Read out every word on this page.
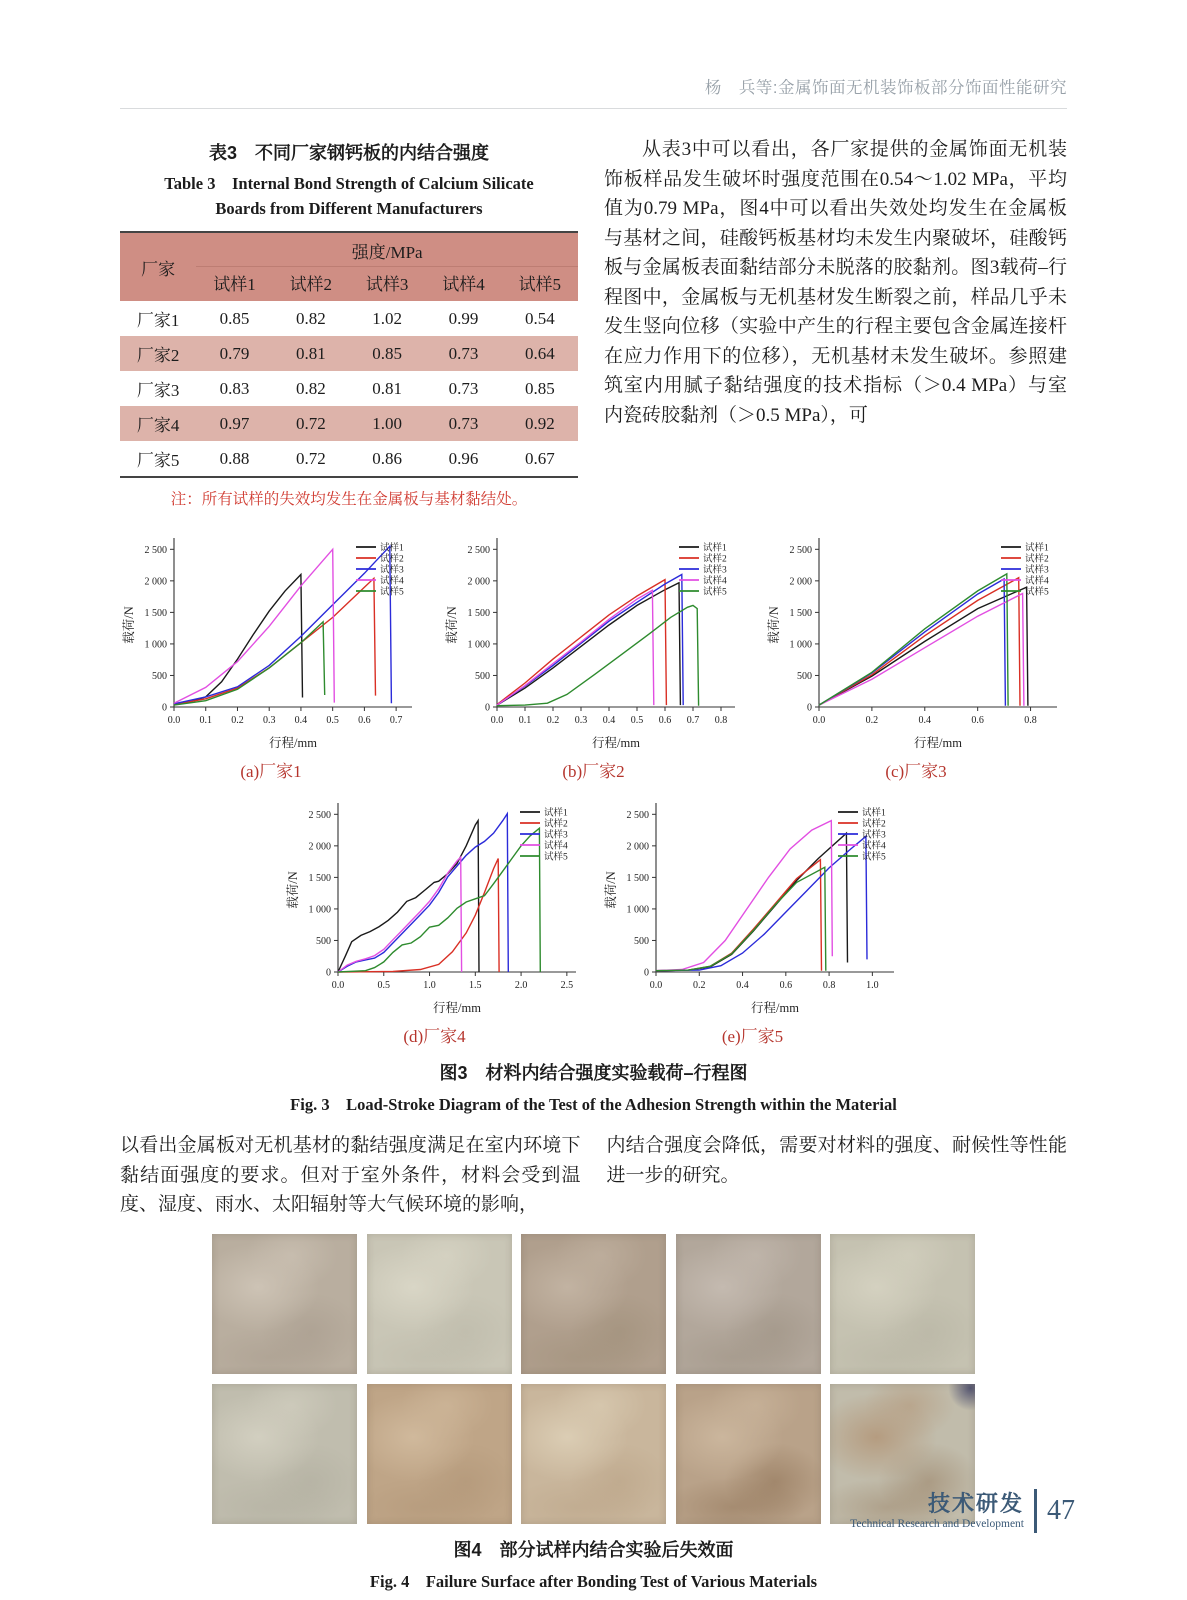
杨　兵等:金属饰面无机装饰板部分饰面性能研究
表3　不同厂家钢钙板的内结合强度
Table 3　Internal Bond Strength of Calcium Silicate
Boards from Different Manufacturers
厂家	强度/MPa				
	试样1	试样2	试样3	试样4	试样5
厂家1	0.85	0.82	1.02	0.99	0.54
厂家2	0.79	0.81	0.85	0.73	0.64
厂家3	0.83	0.82	0.81	0.73	0.85
厂家4	0.97	0.72	1.00	0.73	0.92
厂家5	0.88	0.72	0.86	0.96	0.67
注：所有试样的失效均发生在金属板与基材黏结处。

从表3中可以看出，各厂家提供的金属饰面无机装饰板样品发生破坏时强度范围在0.54～1.02 MPa，平均值为0.79 MPa，图4中可以看出失效处均发生在金属板与基材之间，硅酸钙板基材均未发生内聚破坏，硅酸钙板与金属板表面黏结部分未脱落的胶黏剂。图3载荷–行程图中，金属板与无机基材发生断裂之前，样品几乎未发生竖向位移（实验中产生的行程主要包含金属连接杆在应力作用下的位移），无机基材未发生破坏。参照建筑室内用腻子黏结强度的技术指标（＞0.4 MPa）与室内瓷砖胶黏剂（＞0.5 MPa），可

0
500
1 000
1 500
2 000
2 500
0.0 0.1 0.2 0.3 0.4 0.5 0.6 0.7
行程/mm
载荷/N
试样1
试样2
试样3
试样4
试样5
(a)厂家1
0
500
1 000
1 500
2 000
2 500
0.0 0.1 0.2 0.3 0.4 0.5 0.6 0.7 0.8
行程/mm
载荷/N
试样1
试样2
试样3
试样4
试样5
(b)厂家2
0
500
1 000
1 500
2 000
2 500
0.0	0.2	0.4	0.6	0.8
行程/mm
载荷/N
试样1
试样2
试样3
试样4
试样5
(c)厂家3
0
500
1 000
1 500
2 000
2 500
0.0	0.5	1.0	1.5	2.0	2.5
行程/mm
载荷/N
试样1
试样2
试样3
试样4
试样5
(d)厂家4
0
500
1 000
1 500
2 000
2 500
0.0	0.2	0.4	0.6	0.8	1.0
行程/mm
载荷/N
试样1
试样2
试样3
试样4
试样5
(e)厂家5
图3　材料内结合强度实验载荷–行程图
Fig. 3　Load-Stroke Diagram of the Test of the Adhesion Strength within the Material

以看出金属板对无机基材的黏结强度满足在室内环境下黏结面强度的要求。但对于室外条件，材料会受到温度、湿度、雨水、太阳辐射等大气候环境的影响，

内结合强度会降低，需要对材料的强度、耐候性等性能进一步的研究。

图4　部分试样内结合实验后失效面
Fig. 4　Failure Surface after Bonding Test of Various Materials
技术研发
Technical Research and Development 47
